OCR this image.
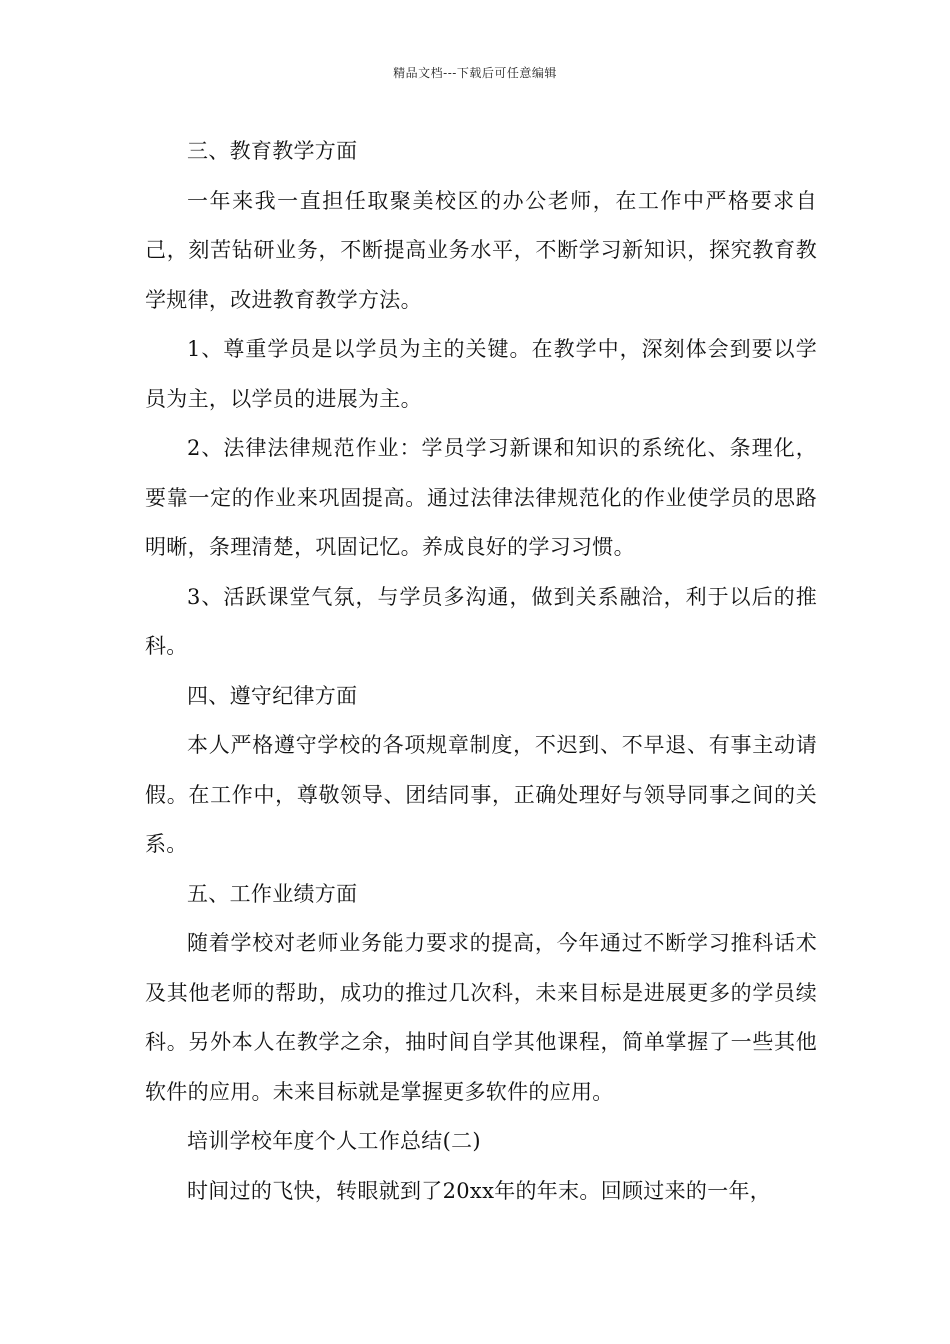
精品文档---下载后可任意编辑

三、教育教学方面

一年来我一直担任取聚美校区的办公老师，在工作中严格要求自己，刻苦钻研业务，不断提高业务水平，不断学习新知识，探究教育教学规律，改进教育教学方法。

1、尊重学员是以学员为主的关键。在教学中，深刻体会到要以学员为主，以学员的进展为主。

2、法律法律规范作业：学员学习新课和知识的系统化、条理化，要靠一定的作业来巩固提高。通过法律法律规范化的作业使学员的思路明晰，条理清楚，巩固记忆。养成良好的学习习惯。

3、活跃课堂气氛，与学员多沟通，做到关系融洽，利于以后的推科。

四、遵守纪律方面

本人严格遵守学校的各项规章制度，不迟到、不早退、有事主动请假。在工作中，尊敬领导、团结同事，正确处理好与领导同事之间的关系。

五、工作业绩方面

随着学校对老师业务能力要求的提高，今年通过不断学习推科话术及其他老师的帮助，成功的推过几次科，未来目标是进展更多的学员续科。另外本人在教学之余，抽时间自学其他课程，简单掌握了一些其他软件的应用。未来目标就是掌握更多软件的应用。

培训学校年度个人工作总结(二)

时间过的飞快，转眼就到了20xx年的年末。回顾过来的一年，
